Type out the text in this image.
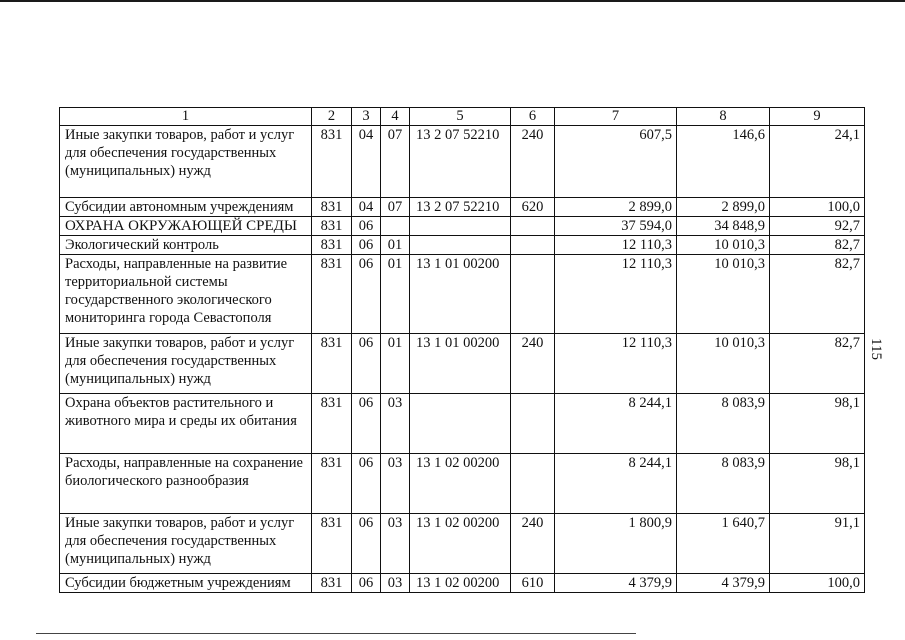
115
1	2	3	4	5	6	7	8	9
Иные закупки товаров, работ и услуг для обеспечения государственных (муниципальных) нужд	831	04	07	13 2 07 52210	240	607,5	146,6	24,1
Субсидии автономным учреждениям	831	04	07	13 2 07 52210	620	2 899,0	2 899,0	100,0
ОХРАНА ОКРУЖАЮЩЕЙ СРЕДЫ	831	06				37 594,0	34 848,9	92,7
Экологический контроль	831	06	01			12 110,3	10 010,3	82,7
Расходы, направленные на развитие территориальной системы государственного экологического мониторинга города Севастополя	831	06	01	13 1 01 00200		12 110,3	10 010,3	82,7
Иные закупки товаров, работ и услуг для обеспечения государственных (муниципальных) нужд	831	06	01	13 1 01 00200	240	12 110,3	10 010,3	82,7
Охрана объектов растительного и животного мира и среды их обитания	831	06	03			8 244,1	8 083,9	98,1
Расходы, направленные на сохранение биологического разнообразия	831	06	03	13 1 02 00200		8 244,1	8 083,9	98,1
Иные закупки товаров, работ и услуг для обеспечения государственных (муниципальных) нужд	831	06	03	13 1 02 00200	240	1 800,9	1 640,7	91,1
Субсидии бюджетным учреждениям	831	06	03	13 1 02 00200	610	4 379,9	4 379,9	100,0
